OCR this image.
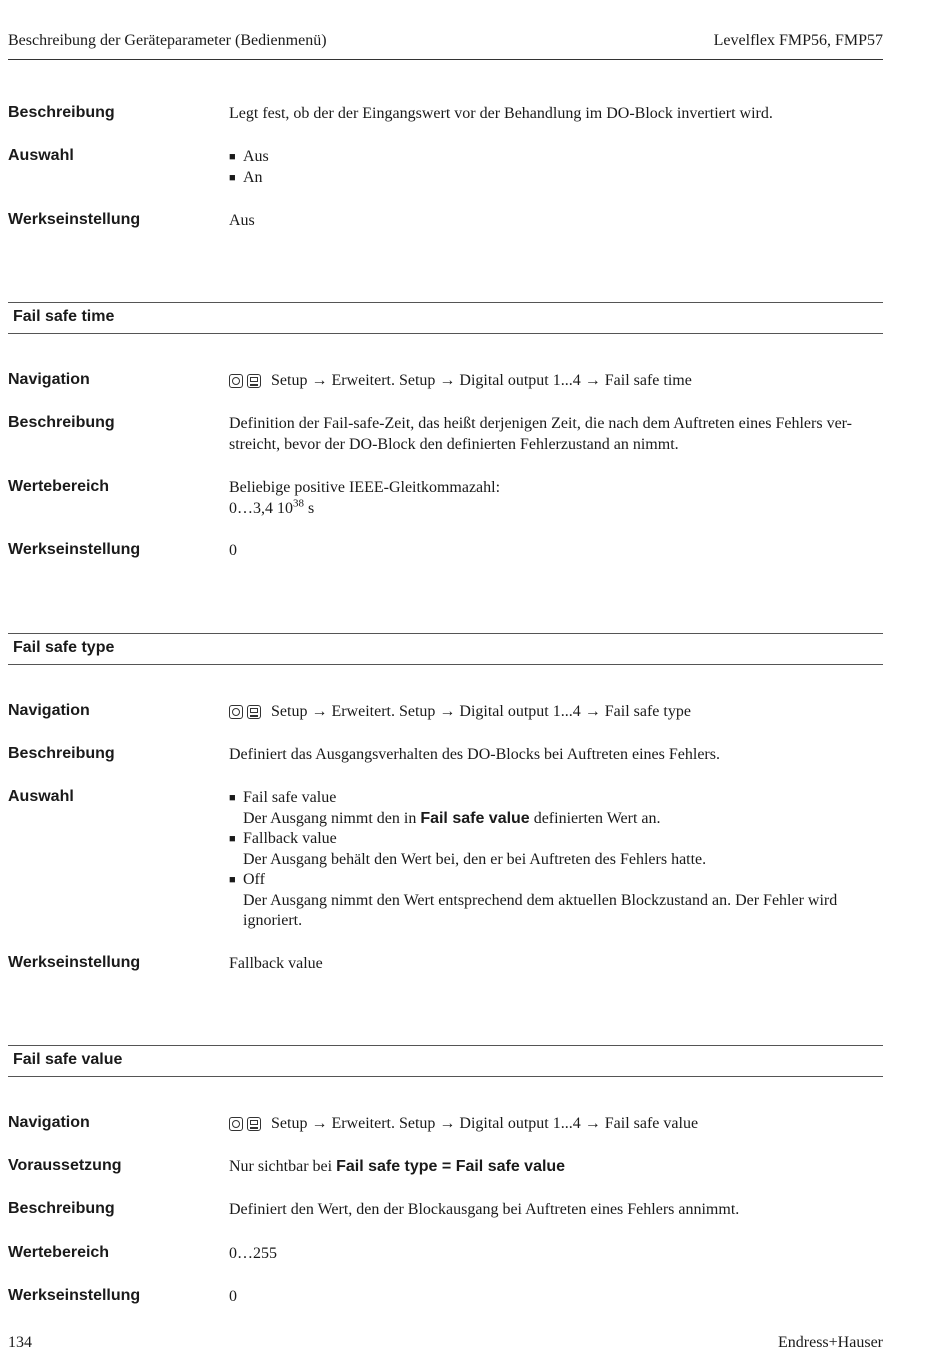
Beschreibung der Geräteparameter (Bedienmenü)	Levelflex FMP56, FMP57
Beschreibung	Legt fest, ob der der Eingangswert vor der Behandlung im DO-Block invertiert wird.
Auswahl	■ Aus
■ An
Werkseinstellung	Aus
Fail safe time
Navigation	Setup → Erweitert. Setup → Digital output 1...4 → Fail safe time
Beschreibung	Definition der Fail-safe-Zeit, das heißt derjenigen Zeit, die nach dem Auftreten eines Fehlers ver-
streicht, bevor der DO-Block den definierten Fehlerzustand an nimmt.
Wertebereich	Beliebige positive IEEE-Gleitkommazahl:
0…3,4 $10^{38}$ s
Werkseinstellung	0
Fail safe type
Navigation	Setup → Erweitert. Setup → Digital output 1...4 → Fail safe type
Beschreibung	Definiert das Ausgangsverhalten des DO-Blocks bei Auftreten eines Fehlers.
Auswahl	■ Fail safe value
Der Ausgang nimmt den in Fail safe value definierten Wert an.
■ Fallback value
Der Ausgang behält den Wert bei, den er bei Auftreten des Fehlers hatte.
■ Off
Der Ausgang nimmt den Wert entsprechend dem aktuellen Blockzustand an. Der Fehler wird
ignoriert.
Werkseinstellung	Fallback value
Fail safe value
Navigation	Setup → Erweitert. Setup → Digital output 1...4 → Fail safe value
Voraussetzung	Nur sichtbar bei Fail safe type = Fail safe value
Beschreibung	Definiert den Wert, den der Blockausgang bei Auftreten eines Fehlers annimmt.
Wertebereich	0…255
Werkseinstellung	0
134	Endress+Hauser
